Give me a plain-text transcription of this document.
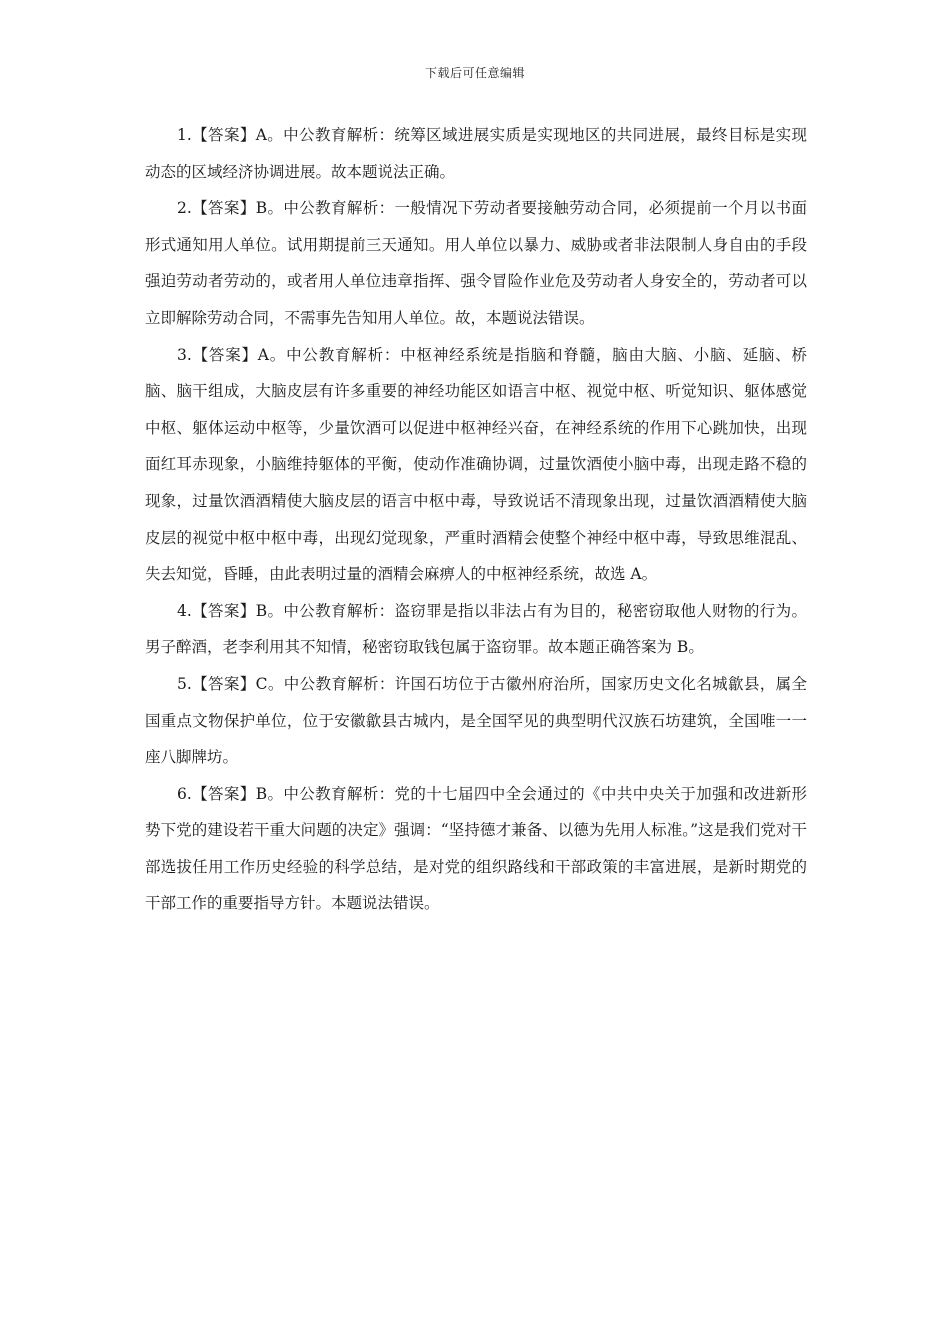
下载后可任意编辑

1.【答案】A。中公教育解析：统筹区域进展实质是实现地区的共同进展，最终目标是实现动态的区域经济协调进展。故本题说法正确。

2.【答案】B。中公教育解析：一般情况下劳动者要接触劳动合同，必须提前一个月以书面形式通知用人单位。试用期提前三天通知。用人单位以暴力、威胁或者非法限制人身自由的手段强迫劳动者劳动的，或者用人单位违章指挥、强令冒险作业危及劳动者人身安全的，劳动者可以立即解除劳动合同，不需事先告知用人单位。故，本题说法错误。

3.【答案】A。中公教育解析：中枢神经系统是指脑和脊髓，脑由大脑、小脑、延脑、桥脑、脑干组成，大脑皮层有许多重要的神经功能区如语言中枢、视觉中枢、听觉知识、躯体感觉中枢、躯体运动中枢等，少量饮酒可以促进中枢神经兴奋，在神经系统的作用下心跳加快，出现面红耳赤现象，小脑维持躯体的平衡，使动作准确协调，过量饮酒使小脑中毒，出现走路不稳的现象，过量饮酒酒精使大脑皮层的语言中枢中毒，导致说话不清现象出现，过量饮酒酒精使大脑皮层的视觉中枢中枢中毒，出现幻觉现象，严重时酒精会使整个神经中枢中毒，导致思维混乱、失去知觉，昏睡，由此表明过量的酒精会麻痹人的中枢神经系统，故选 A。

4.【答案】B。中公教育解析：盗窃罪是指以非法占有为目的，秘密窃取他人财物的行为。男子醉酒，老李利用其不知情，秘密窃取钱包属于盗窃罪。故本题正确答案为 B。

5.【答案】C。中公教育解析：许国石坊位于古徽州府治所，国家历史文化名城歙县，属全国重点文物保护单位，位于安徽歙县古城内，是全国罕见的典型明代汉族石坊建筑，全国唯一一座八脚牌坊。

6.【答案】B。中公教育解析：党的十七届四中全会通过的《中共中央关于加强和改进新形势下党的建设若干重大问题的决定》强调：“坚持德才兼备、以德为先用人标准。”这是我们党对干部选拔任用工作历史经验的科学总结，是对党的组织路线和干部政策的丰富进展，是新时期党的干部工作的重要指导方针。本题说法错误。
